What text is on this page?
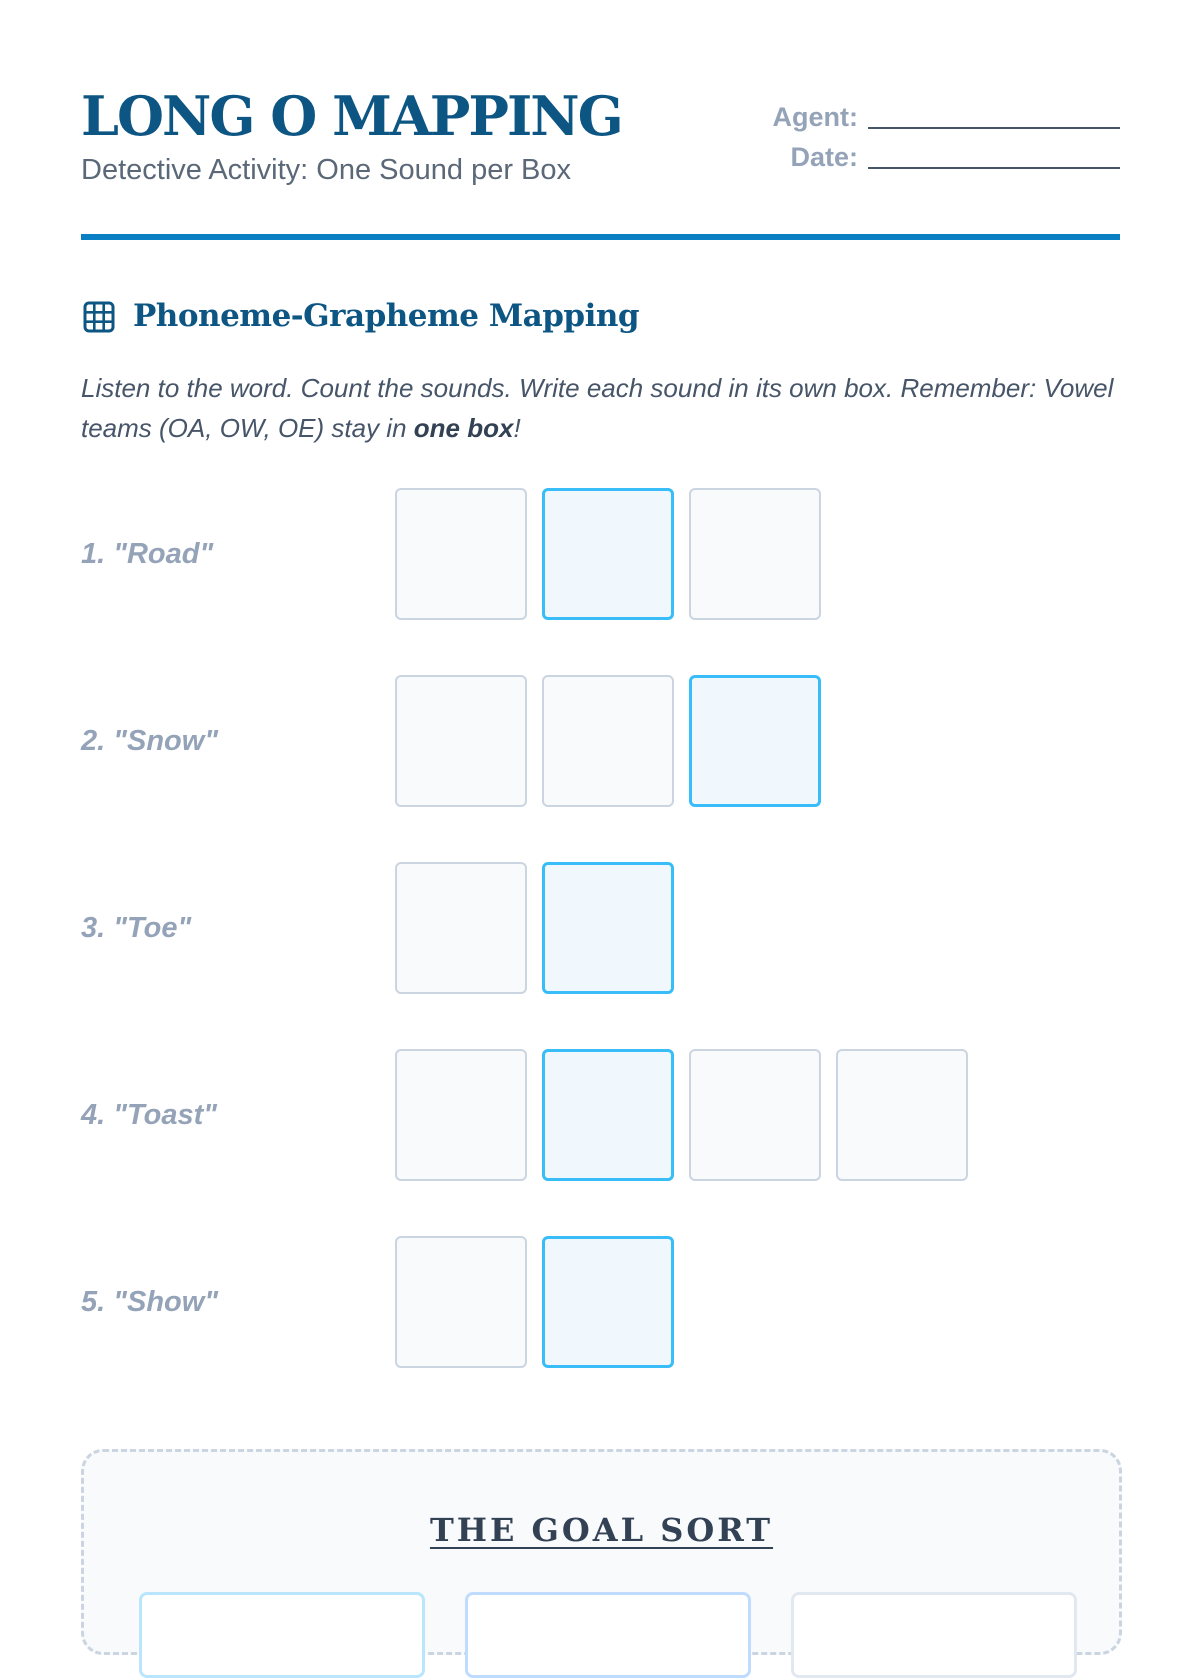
LONG O MAPPING
Detective Activity: One Sound per Box
Agent:
Date:
Phoneme-Grapheme Mapping

Listen to the word. Count the sounds. Write each sound in its own box. Remember: Vowel teams (OA, OW, OE) stay in one box!

1. "Road"
2. "Snow"
3. "Toe"
4. "Toast"
5. "Show"
THE GOAL SORT
